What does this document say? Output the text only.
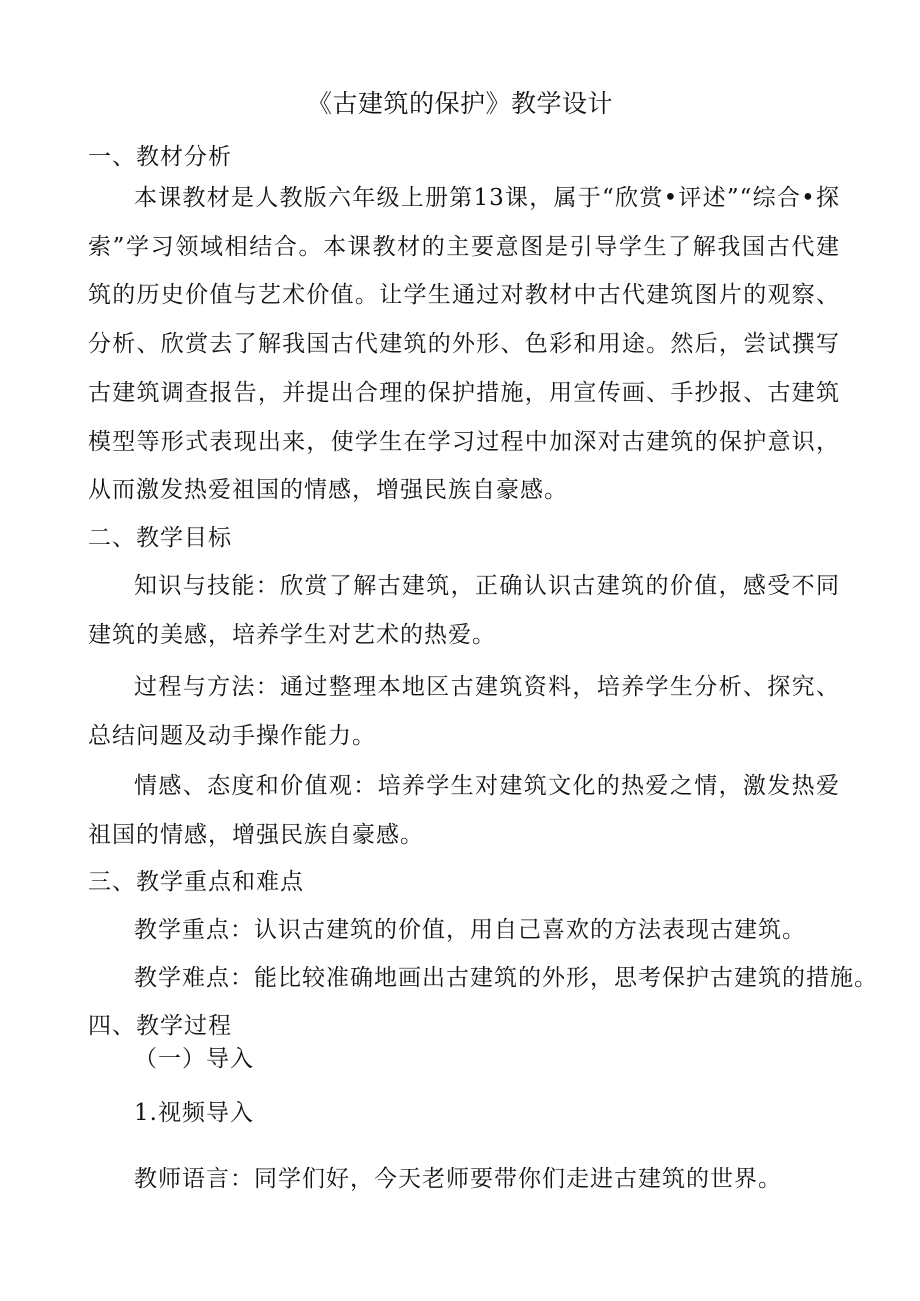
《古建筑的保护》教学设计
一、教材分析
本课教材是人教版六年级上册第13课，属于“欣赏•评述”“综合•探索”学习领域相结合。本课教材的主要意图是引导学生了解我国古代建筑的历史价值与艺术价值。让学生通过对教材中古代建筑图片的观察、分析、欣赏去了解我国古代建筑的外形、色彩和用途。然后，尝试撰写古建筑调查报告，并提出合理的保护措施，用宣传画、手抄报、古建筑模型等形式表现出来，使学生在学习过程中加深对古建筑的保护意识，从而激发热爱祖国的情感，增强民族自豪感。
二、教学目标
知识与技能：欣赏了解古建筑，正确认识古建筑的价值，感受不同建筑的美感，培养学生对艺术的热爱。
过程与方法：通过整理本地区古建筑资料，培养学生分析、探究、总结问题及动手操作能力。
情感、态度和价值观：培养学生对建筑文化的热爱之情，激发热爱祖国的情感，增强民族自豪感。
三、教学重点和难点
教学重点：认识古建筑的价值，用自己喜欢的方法表现古建筑。
教学难点：能比较准确地画出古建筑的外形，思考保护古建筑的措施。
四、教学过程
（一）导入
1.视频导入
教师语言：同学们好，今天老师要带你们走进古建筑的世界。
